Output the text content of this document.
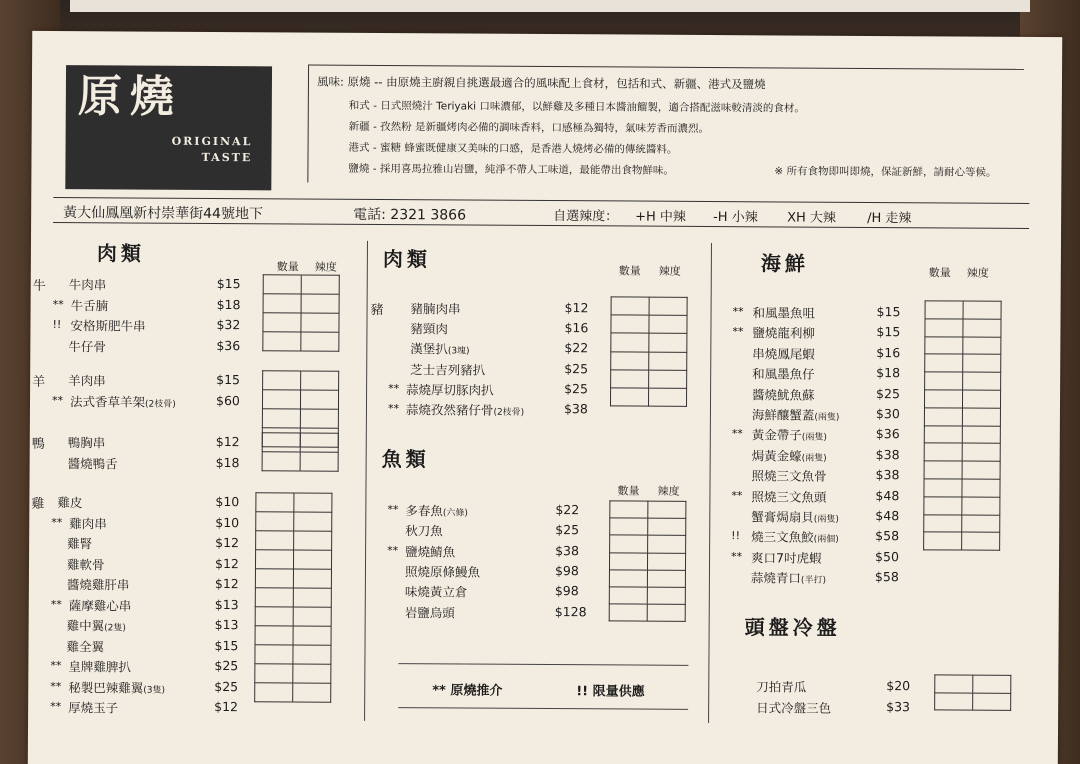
原燒
ORIGINAL
TASTE
風味: 原燒 -- 由原燒主廚親自挑選最適合的風味配上食材，包括和式、新疆、港式及鹽燒
和式 - 日式照燒汁 Teriyaki 口味濃郁，以鮮雞及多種日本醬油餾製，適合搭配滋味較清淡的食材。
新疆 - 孜然粉 是新疆烤肉必備的調味香料，口感極為獨特，氣味芳香而濃烈。
港式 - 蜜糖 蜂蜜既健康又美味的口感，是香港人燒烤必備的傳統醬料。
鹽燒 - 採用喜馬拉雅山岩鹽，純淨不帶人工味道，最能帶出食物鮮味。	※ 所有食物即叫即燒，保証新鮮，請耐心等候。
黃大仙鳳凰新村崇華街44號地下	電話: 2321 3866	自選辣度： +H 中辣 -H 小辣 XH 大辣 /H 走辣
肉類
數量 辣度 肉類	數量 辣度
豬
魚類
數量 辣度
** 原燒推介	!! 限量供應
海鮮	數量 辣度
頭盤冷盤
牛 牛肉串	$15
** 牛舌腩	$18
!! 安格斯肥牛串	$32
牛仔骨	$36

羊 羊肉串	$15
** 法式香草羊架(2枝骨)	$60

鴨 鴨胸串	$12
醬燒鴨舌	$18

雞 雞皮	$10
** 雞肉串	$10
雞腎	$12
雞軟骨	$12
醬燒雞肝串	$12
** 薩摩雞心串	$13
雞中翼(2隻)	$13
雞全翼	$15
** 皇牌雞脾扒	$25
** 秘製巴辣雞翼(3隻)	$25
** 厚燒玉子	$12

豬腩肉串	$12
豬頸肉	$16
漢堡扒(3塊)	$22
芝士吉列豬扒	$25
** 蒜燒厚切豚肉扒	$25
** 蒜燒孜然豬仔骨(2枝骨)	$38

** 多春魚(六條)	$22
秋刀魚	$25
** 鹽燒鯖魚	$38
照燒原條鰻魚	$98
味燒黃立倉	$98
岩鹽烏頭	$128

** 和風墨魚咀	$15
** 鹽燒龍利柳	$15
串燒鳳尾蝦	$16
和風墨魚仔	$18
醬燒魷魚蘇	$25
海鮮釀蟹蓋(兩隻)	$30
** 黃金帶子(兩隻)	$36
焗黃金蠔(兩隻)	$38
照燒三文魚骨	$38
** 照燒三文魚頭	$48
蟹膏焗扇貝(兩隻)	$48
!! 燒三文魚鮫(兩個)	$58
** 爽口7吋虎蝦	$50
蒜燒青口(半打)	$58

刀拍青瓜	$20
日式冷盤三色	$33
